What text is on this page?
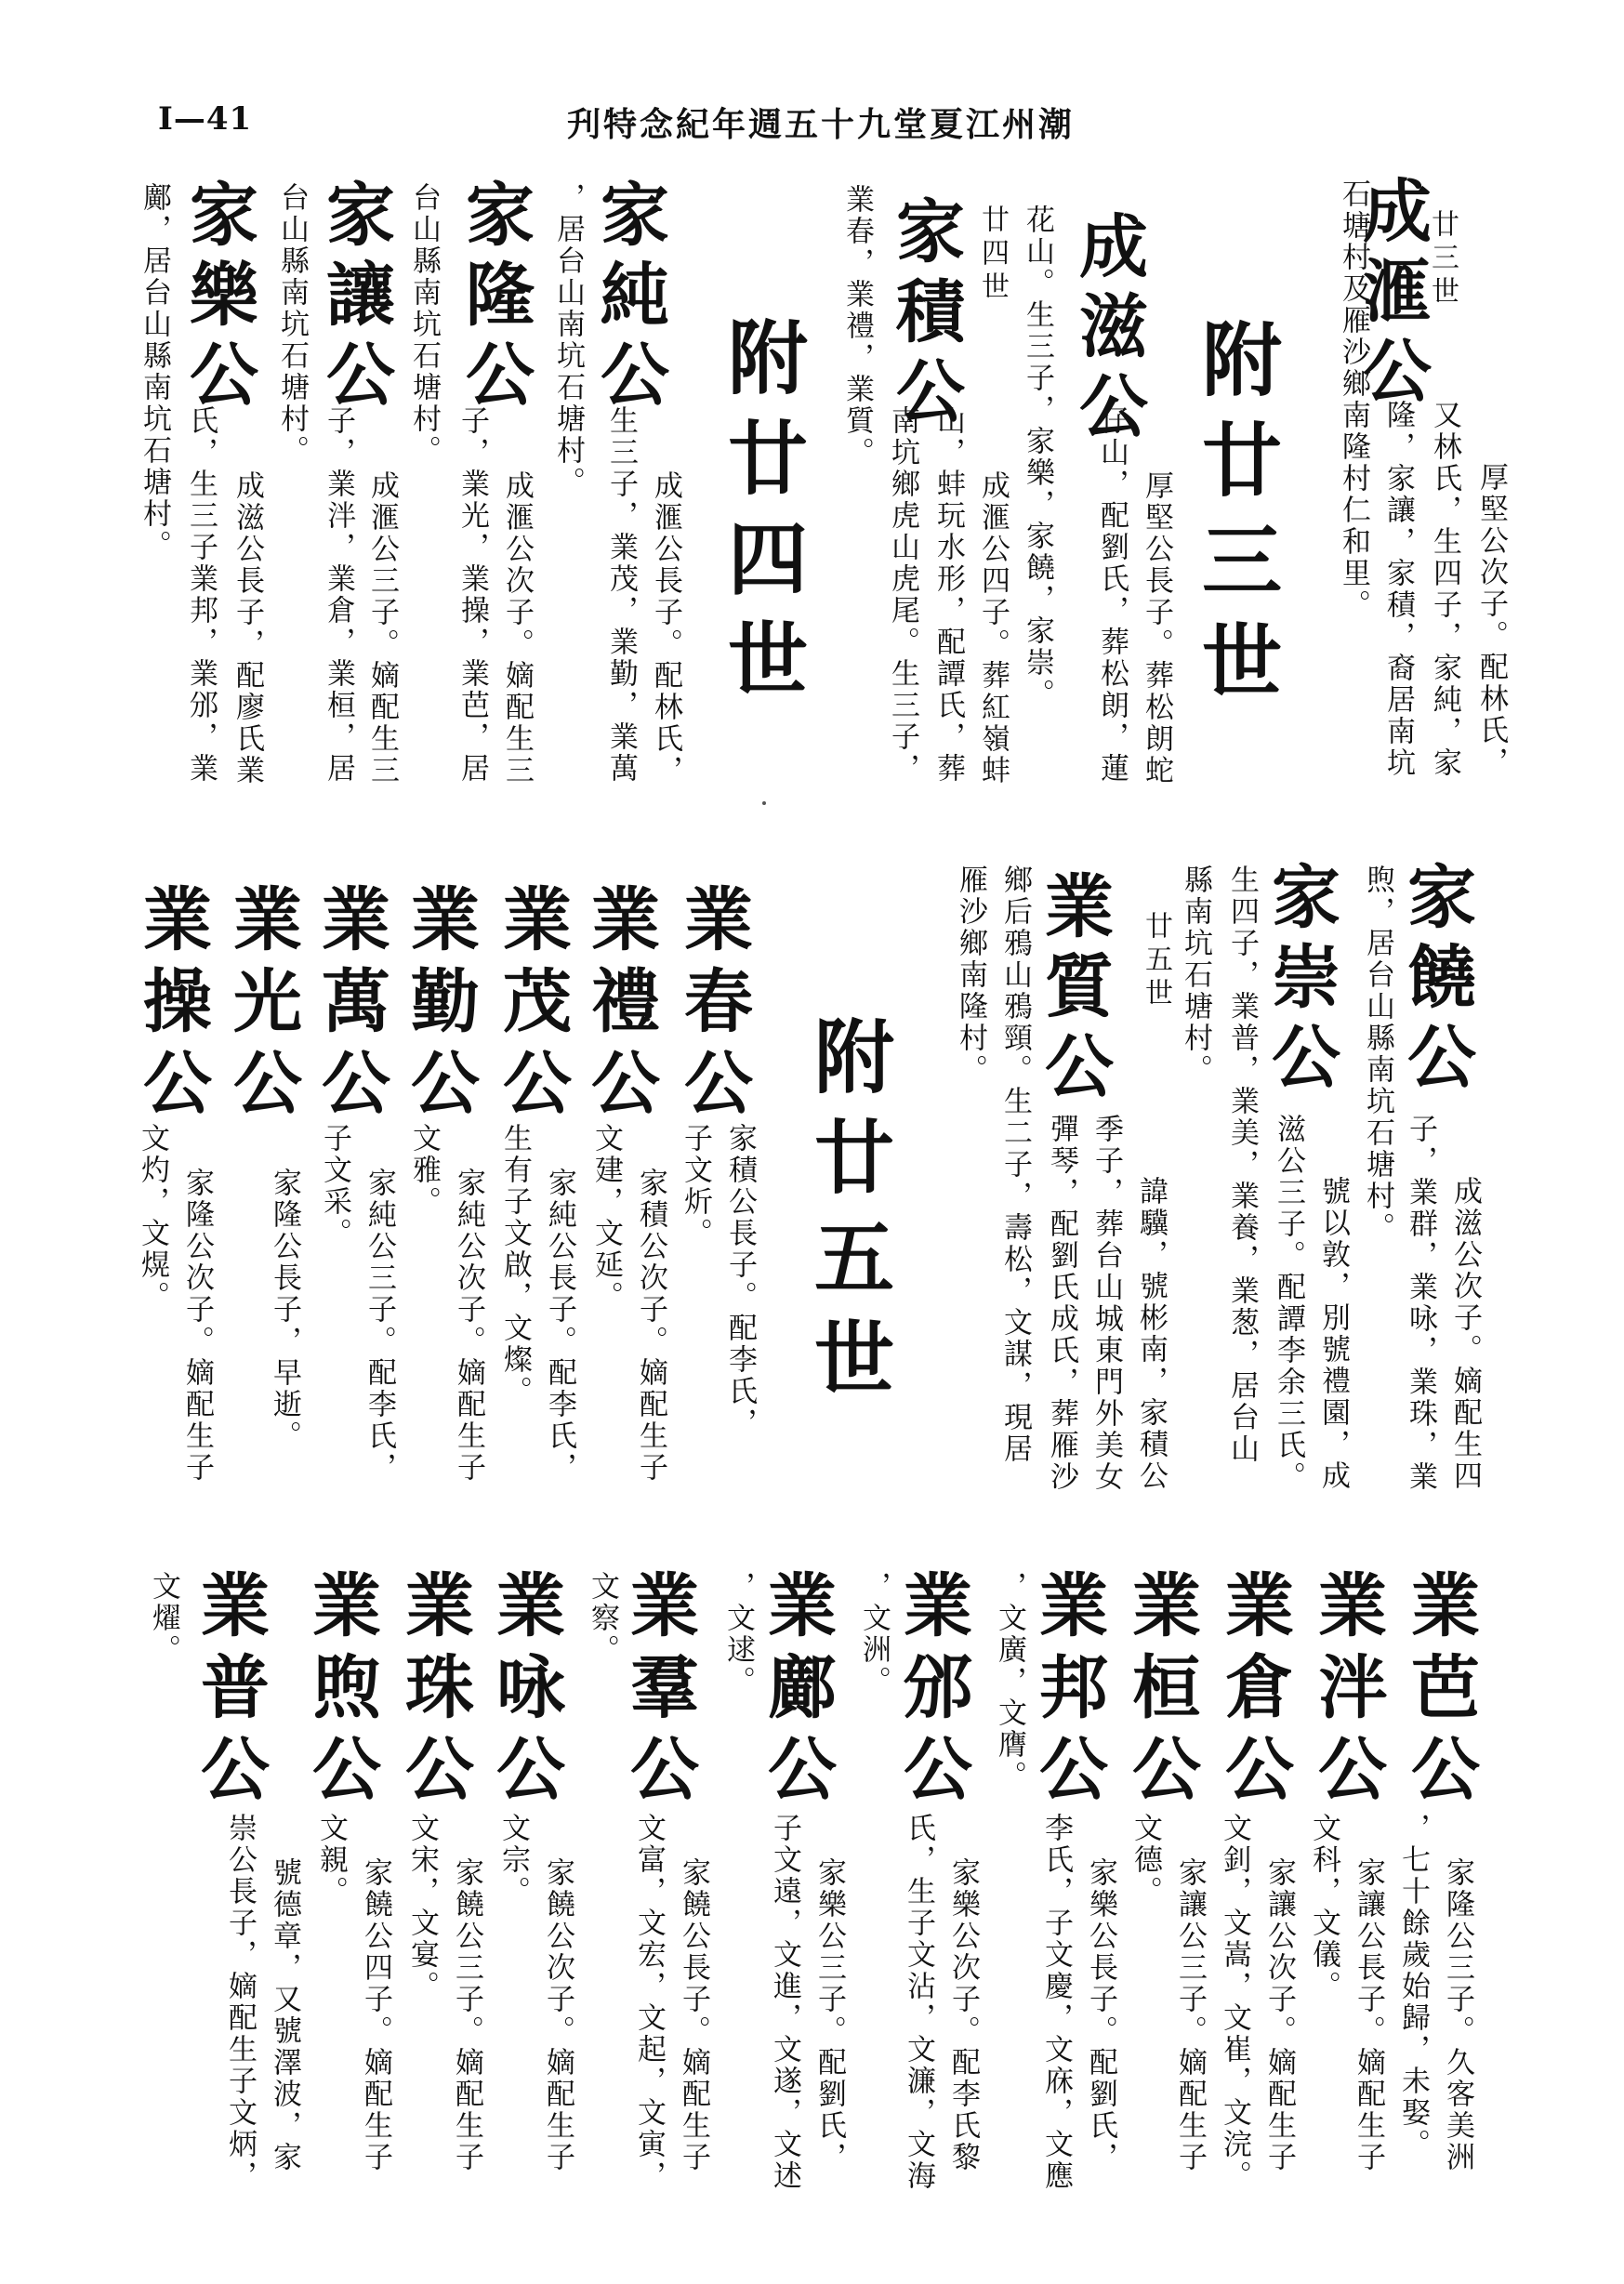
I—41	刋特念紀年週五十九堂夏江州潮
廿三世
厚堅公次子。配林氏，
又林氏，生四子，家純，家
隆，家讓，家積，裔居南坑
石塘村及雁沙鄉南隆村仁和里。
成滙公
附廿三世
厚堅公長子。葬松朗蛇
仔山，配劉氏，葬松朗，蓮
花山。生三子，家樂，家饒，家崇。 成滋公
廿四世
成滙公四子。葬紅嶺蚌
山，蚌玩水形，配譚氏，葬
南坑鄉虎山虎尾。生三子，
業春，業禮，業質。 家積公
附廿四世
成滙公長子。配林氏，
生三子，業茂，業勤，業萬
，居台山南坑石塘村。 家純公
成滙公次子。嫡配生三
子，業光，業操，業芭，居
台山縣南坑石塘村。 家隆公
成滙公三子。嫡配生三
子，業泮，業倉，業桓，居
台山縣南坑石塘村。 家讓公
成滋公長子，配廖氏業
氏，生三子業邦，業邠，業
鄺，居台山縣南坑石塘村。 家樂公
成滋公次子。嫡配生四
子，業群，業咏，業珠，業
煦，居台山縣南坑石塘村。 家饒公
號以敦，別號禮園，成
滋公三子。配譚李余三氏。
生四子，業普，業美，業養，業葱，居台山
縣南坑石塘村。 家崇公
廿五世
諱驥，號彬南，家積公
季子，葬台山城東門外美女
彈琴，配劉氏成氏，葬雁沙
鄉后鴉山鴉頸。生二子，壽松，文謀，現居
雁沙鄉南隆村。 業質公
附廿五世
家積公長子。配李氏，
子文炘。
業春公
家積公次子。嫡配生子
文建，文延。
業禮公
家純公長子。配李氏，
生有子文啟，文燦。
業茂公
家純公次子。嫡配生子
文雅。
業勤公
家純公三子。配李氏，
子文采。
業萬公
家隆公長子，早逝。
業光公
家隆公次子。嫡配生子
文灼，文熀。
業操公
家隆公三子。久客美洲
，七十餘歲始歸，未娶。
業芭公
家讓公長子。嫡配生子
文科，文儀。
業泮公
家讓公次子。嫡配生子
文釗，文嵩，文崔，文浣。
業倉公
家讓公三子。嫡配生子
文德。
業桓公
家樂公長子。配劉氏，
李氏，子文慶，文庥，文應
，文廣，文膺。 業邦公
家樂公次子。配李氏黎
氏，生子文沾，文濂，文海
，文洲。 業邠公
家樂公三子。配劉氏，
子文遠，文進，文遂，文述
，文逑。 業鄺公
家饒公長子。嫡配生子
文富，文宏，文起，文寅，
文察。 業羣公
家饒公次子。嫡配生子
文宗。
業咏公
家饒公三子。嫡配生子
文宋，文宴。
業珠公
家饒公四子。嫡配生子
文親。
業煦公
號德章，又號澤波，家
崇公長子，嫡配生子文炳，
文燿。 業普公
